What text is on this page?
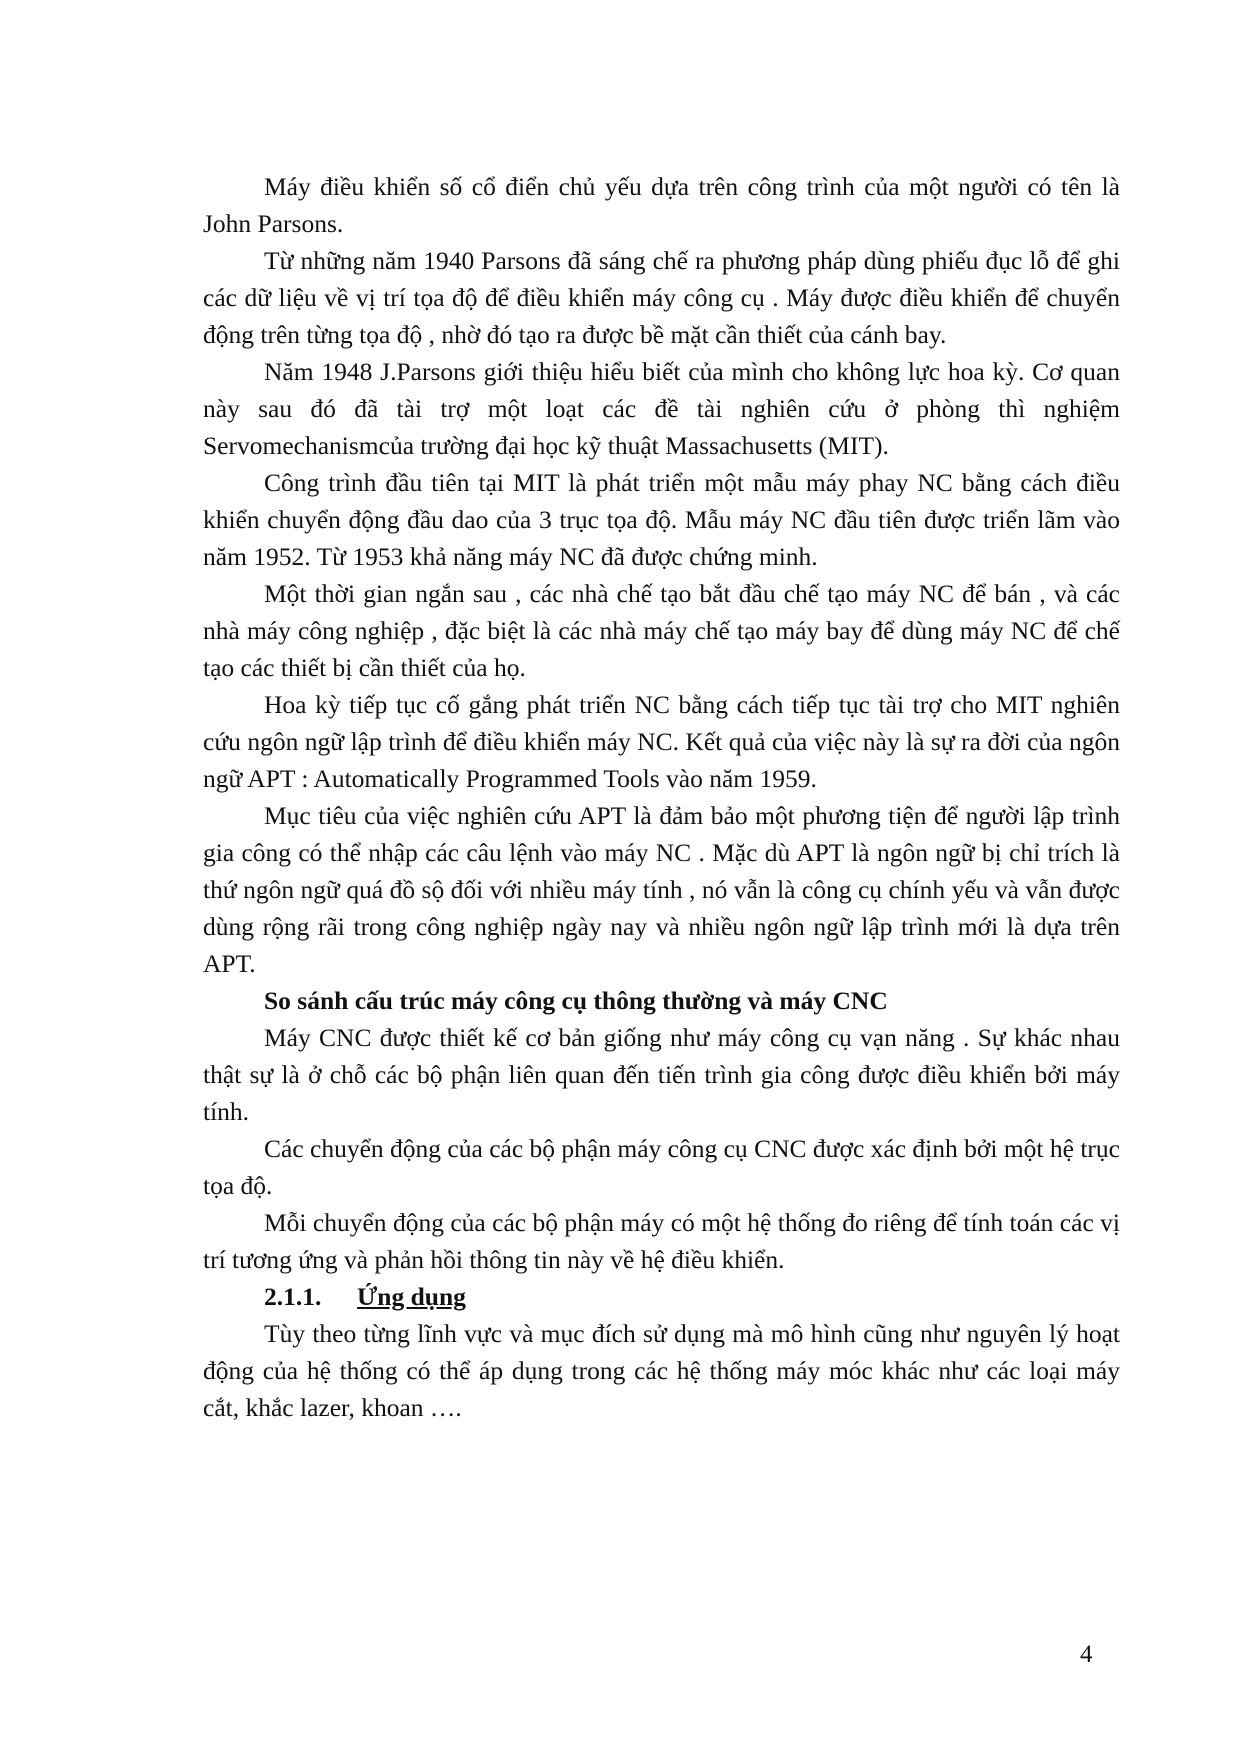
Máy điều khiển số cổ điển chủ yếu dựa trên công trình của một người có tên là John Parsons.

Từ những năm 1940 Parsons đã sáng chế ra phương pháp dùng phiếu đục lỗ để ghi các dữ liệu về vị trí tọa độ để điều khiển máy công cụ . Máy được điều khiển để chuyển động trên từng tọa độ , nhờ đó tạo ra được bề mặt cần thiết của cánh bay.

Năm 1948 J.Parsons giới thiệu hiểu biết của mình cho không lực hoa kỳ. Cơ quan này sau đó đã tài trợ một loạt các đề tài nghiên cứu ở phòng thì nghiệm Servomechanismcủa trường đại học kỹ thuật Massachusetts (MIT).

Công trình đầu tiên tại MIT là phát triển một mẫu máy phay NC bằng cách điều khiển chuyển động đầu dao của 3 trục tọa độ. Mẫu máy NC đầu tiên được triển lãm vào năm 1952. Từ 1953 khả năng máy NC đã được chứng minh.

Một thời gian ngắn sau , các nhà chế tạo bắt đầu chế tạo máy NC để bán , và các nhà máy công nghiệp , đặc biệt là các nhà máy chế tạo máy bay để dùng máy NC để chế tạo các thiết bị cần thiết của họ.

Hoa kỳ tiếp tục cố gắng phát triển NC bằng cách tiếp tục tài trợ cho MIT nghiên cứu ngôn ngữ lập trình để điều khiển máy NC. Kết quả của việc này là sự ra đời của ngôn ngữ APT : Automatically Programmed Tools vào năm 1959.

Mục tiêu của việc nghiên cứu APT là đảm bảo một phương tiện để người lập trình gia công có thể nhập các câu lệnh vào máy NC . Mặc dù APT là ngôn ngữ bị chỉ trích là thứ ngôn ngữ quá đồ sộ đối với nhiều máy tính , nó vẫn là công cụ chính yếu và vẫn được dùng rộng rãi trong công nghiệp ngày nay và nhiều ngôn ngữ lập trình mới là dựa trên APT.

So sánh cấu trúc máy công cụ thông thường và máy CNC

Máy CNC được thiết kế cơ bản giống như máy công cụ vạn năng . Sự khác nhau thật sự là ở chỗ các bộ phận liên quan đến tiến trình gia công được điều khiển bởi máy tính.

Các chuyển động của các bộ phận máy công cụ CNC được xác định bởi một hệ trục tọa độ.

Mỗi chuyển động của các bộ phận máy có một hệ thống đo riêng để tính toán các vị trí tương ứng và phản hồi thông tin này về hệ điều khiển.

2.1.1. Ứng dụng

Tùy theo từng lĩnh vực và mục đích sử dụng mà mô hình cũng như nguyên lý hoạt động của hệ thống có thể áp dụng trong các hệ thống máy móc khác như các loại máy cắt, khắc lazer, khoan ….

4
